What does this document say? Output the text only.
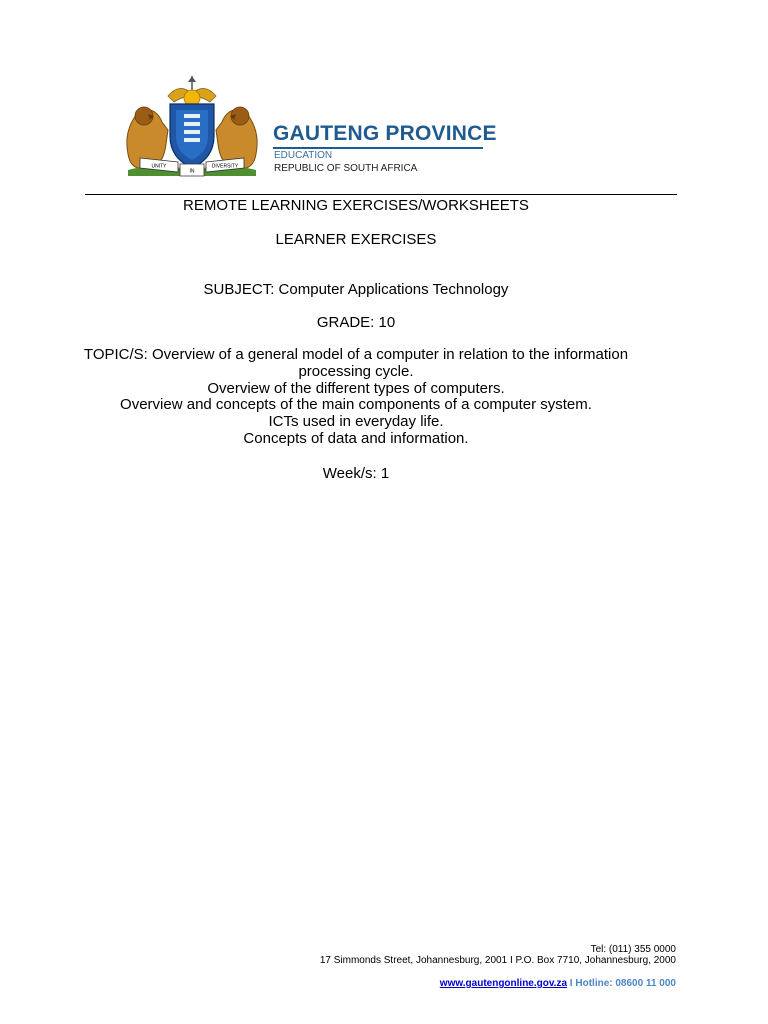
UNITY
IN
DIVERSITY
GAUTENG PROVINCE
EDUCATION
REPUBLIC OF SOUTH AFRICA
REMOTE LEARNING EXERCISES/WORKSHEETS
LEARNER EXERCISES
SUBJECT: Computer Applications Technology
GRADE: 10
TOPIC/S: Overview of a general model of a computer in relation to the information
processing cycle.
Overview of the different types of computers.
Overview and concepts of the main components of a computer system.
ICTs used in everyday life.
Concepts of data and information.
Week/s: 1
Tel: (011) 355 0000
17 Simmonds Street, Johannesburg, 2001 I P.O. Box 7710, Johannesburg, 2000
www.gautengonline.gov.za I Hotline: 08600 11 000
